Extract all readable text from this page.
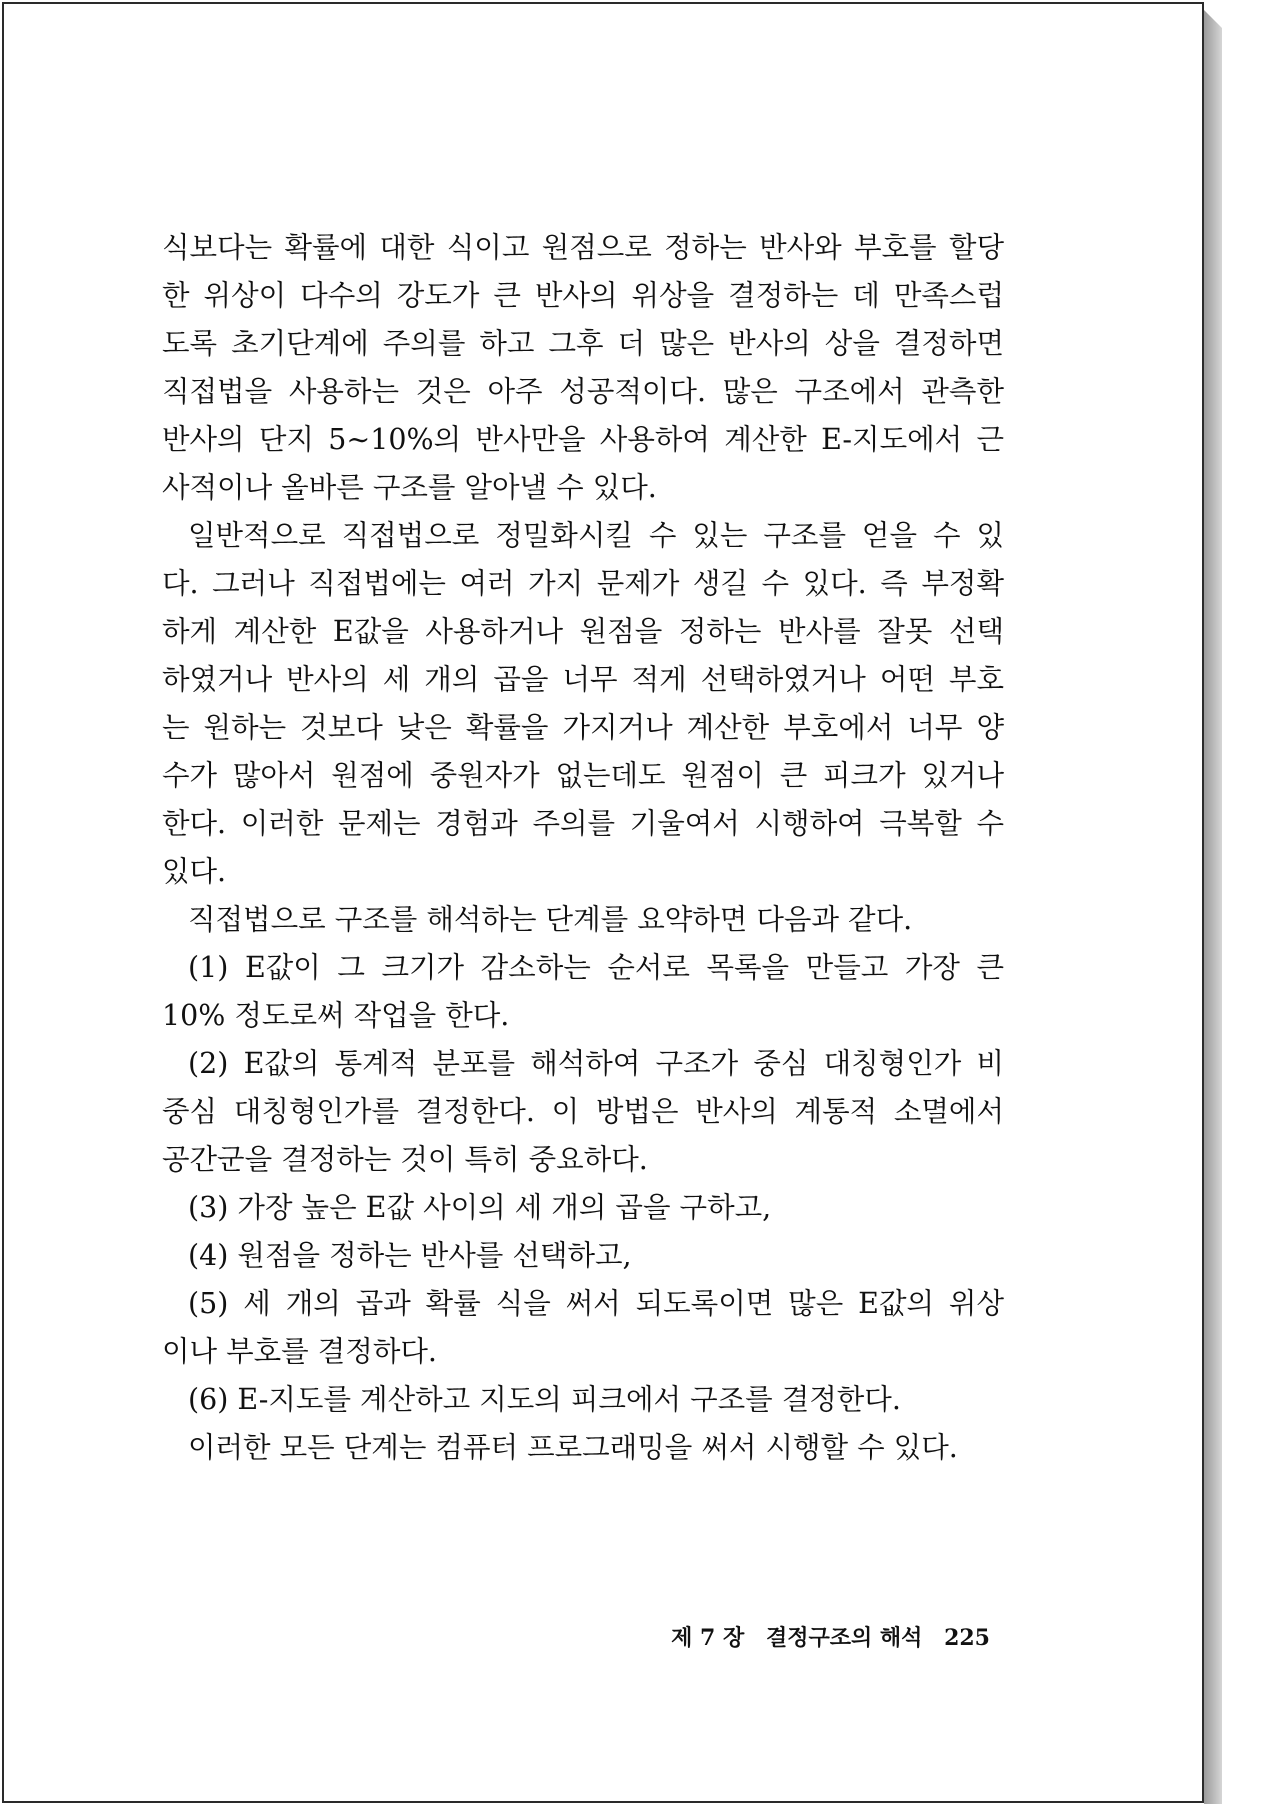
식보다는 확률에 대한 식이고 원점으로 정하는 반사와 부호를 할당
한 위상이 다수의 강도가 큰 반사의 위상을 결정하는 데 만족스럽
도록 초기단계에 주의를 하고 그후 더 많은 반사의 상을 결정하면
직접법을 사용하는 것은 아주 성공적이다. 많은 구조에서 관측한
반사의 단지 5∼10%의 반사만을 사용하여 계산한 E-지도에서 근
사적이나 올바른 구조를 알아낼 수 있다.
일반적으로 직접법으로 정밀화시킬 수 있는 구조를 얻을 수 있
다. 그러나 직접법에는 여러 가지 문제가 생길 수 있다. 즉 부정확
하게 계산한 E값을 사용하거나 원점을 정하는 반사를 잘못 선택
하였거나 반사의 세 개의 곱을 너무 적게 선택하였거나 어떤 부호
는 원하는 것보다 낮은 확률을 가지거나 계산한 부호에서 너무 양
수가 많아서 원점에 중원자가 없는데도 원점이 큰 피크가 있거나
한다. 이러한 문제는 경험과 주의를 기울여서 시행하여 극복할 수
있다.
직접법으로 구조를 해석하는 단계를 요약하면 다음과 같다.
(1) E값이 그 크기가 감소하는 순서로 목록을 만들고 가장 큰
10% 정도로써 작업을 한다.
(2) E값의 통계적 분포를 해석하여 구조가 중심 대칭형인가 비
중심 대칭형인가를 결정한다. 이 방법은 반사의 계통적 소멸에서
공간군을 결정하는 것이 특히 중요하다.
(3) 가장 높은 E값 사이의 세 개의 곱을 구하고,
(4) 원점을 정하는 반사를 선택하고,
(5) 세 개의 곱과 확률 식을 써서 되도록이면 많은 E값의 위상
이나 부호를 결정하다.
(6) E-지도를 계산하고 지도의 피크에서 구조를 결정한다.
이러한 모든 단계는 컴퓨터 프로그래밍을 써서 시행할 수 있다.
제 7 장 결정구조의 해석 225
